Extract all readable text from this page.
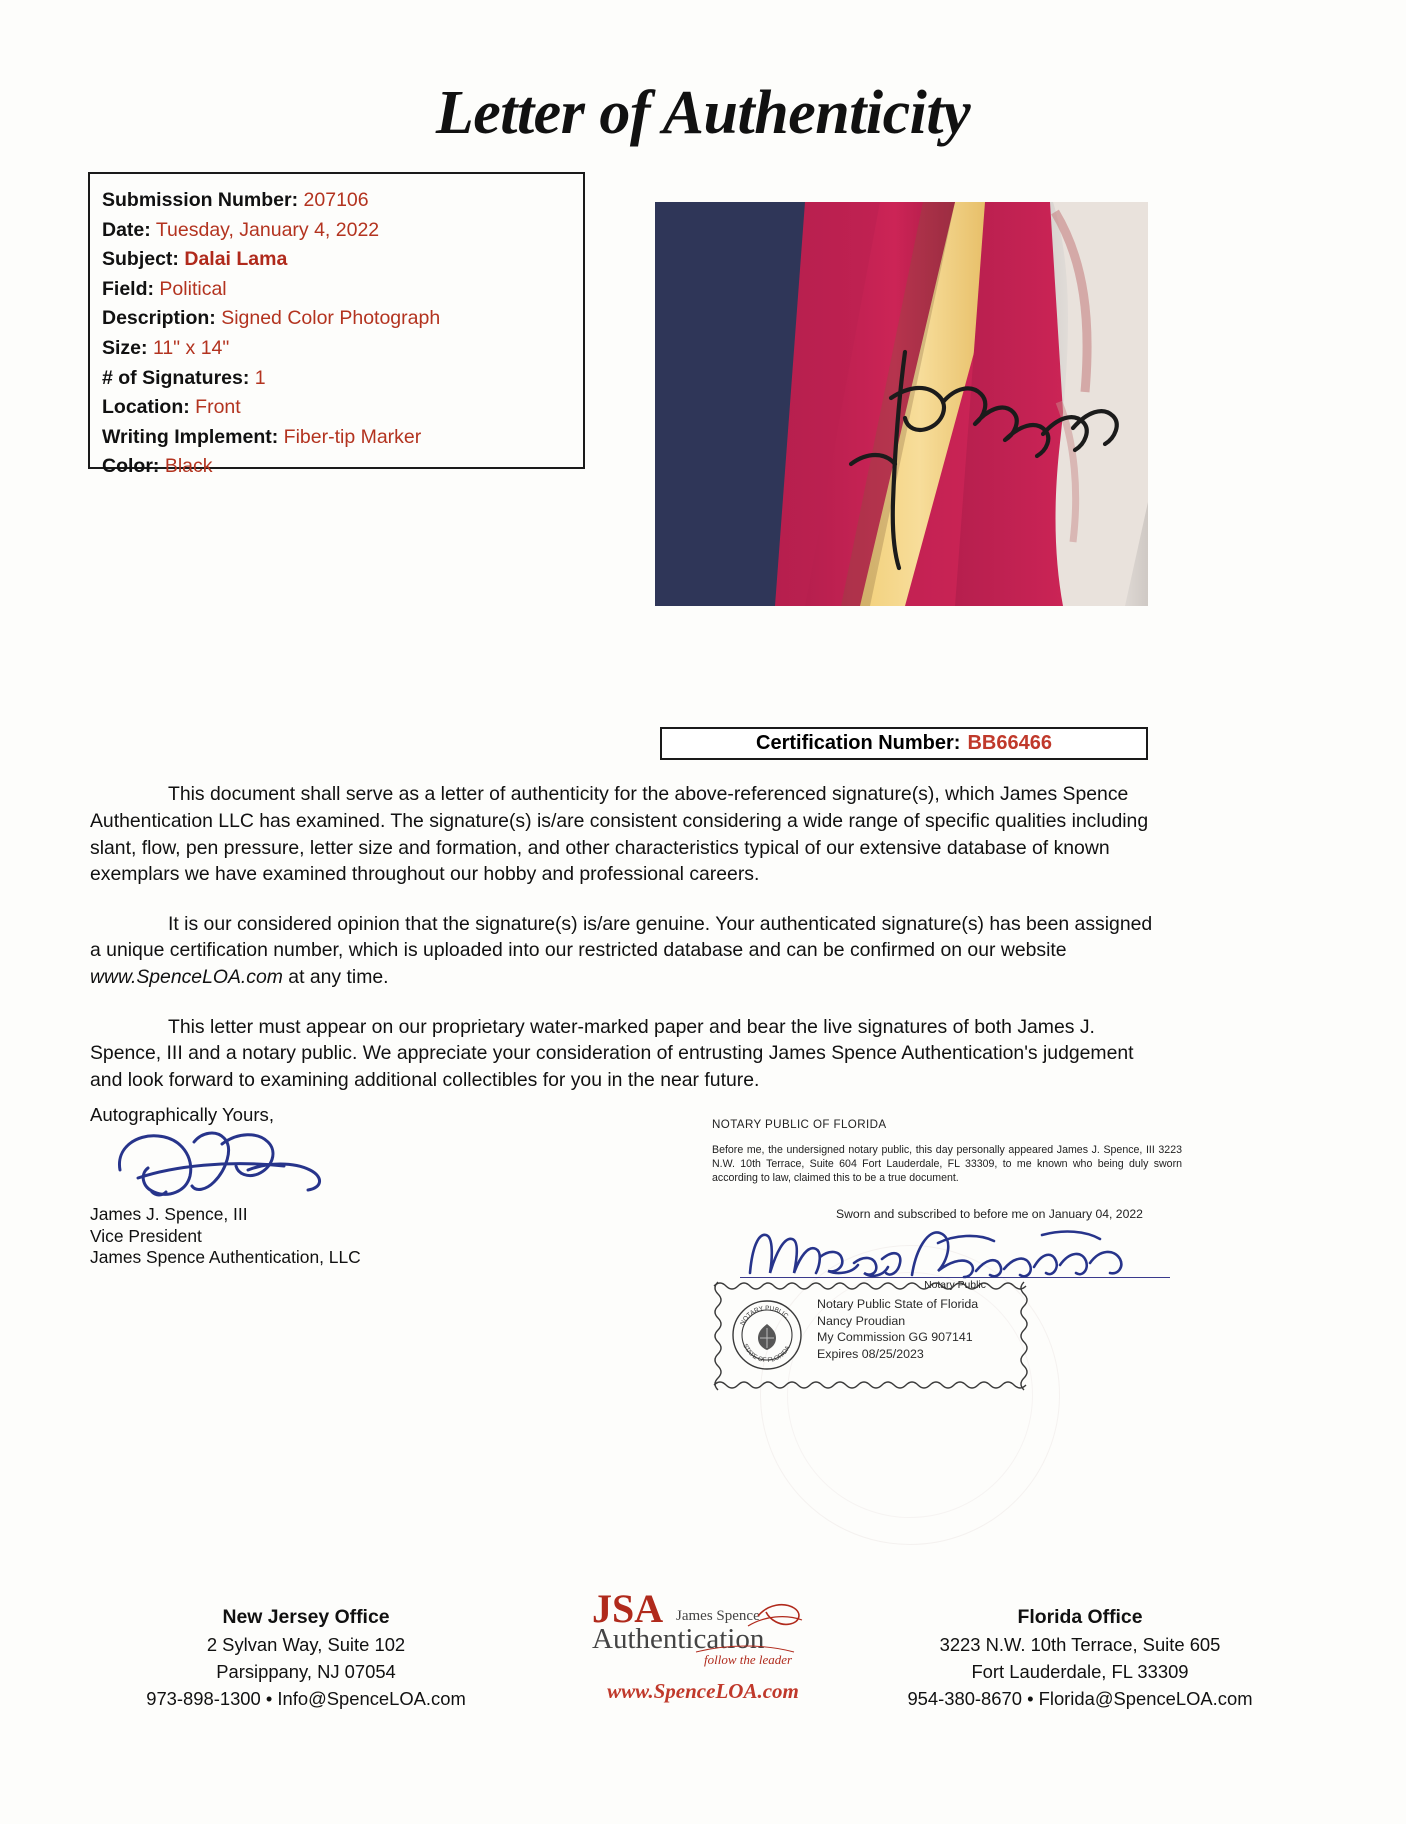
Letter of Authenticity
Submission Number: 207106
Date: Tuesday, January 4, 2022
Subject: Dalai Lama
Field: Political
Description: Signed Color Photograph
Size: 11" x 14"
# of Signatures: 1
Location: Front
Writing Implement: Fiber-tip Marker
Color: Black
Certification Number: BB66466

This document shall serve as a letter of authenticity for the above-referenced signature(s), which James Spence Authentication LLC has examined. The signature(s) is/are consistent considering a wide range of specific qualities including slant, flow, pen pressure, letter size and formation, and other characteristics typical of our extensive database of known exemplars we have examined throughout our hobby and professional careers.

It is our considered opinion that the signature(s) is/are genuine. Your authenticated signature(s) has been assigned a unique certification number, which is uploaded into our restricted database and can be confirmed on our website www.SpenceLOA.com at any time.

This letter must appear on our proprietary water-marked paper and bear the live signatures of both James J. Spence, III and a notary public. We appreciate your consideration of entrusting James Spence Authentication's judgement and look forward to examining additional collectibles for you in the near future.

Autographically Yours,
James J. Spence, III
Vice President
James Spence Authentication, LLC
NOTARY PUBLIC OF FLORIDA
Before me, the undersigned notary public, this day personally appeared James J. Spence, III 3223 N.W. 10th Terrace, Suite 604 Fort Lauderdale, FL 33309, to me known who being duly sworn according to law, claimed this to be a true document.
Sworn and subscribed to before me on January 04, 2022
Notary Public
NOTARY PUBLIC
STATE OF FLORIDA
Notary Public State of Florida
Nancy Proudian
My Commission GG 907141
Expires 08/25/2023
New Jersey Office
2 Sylvan Way, Suite 102
Parsippany, NJ 07054
973-898-1300 • Info@SpenceLOA.com
JSA James Spence
Authentication
follow the leader
www.SpenceLOA.com
Florida Office
3223 N.W. 10th Terrace, Suite 605
Fort Lauderdale, FL 33309
954-380-8670 • Florida@SpenceLOA.com
